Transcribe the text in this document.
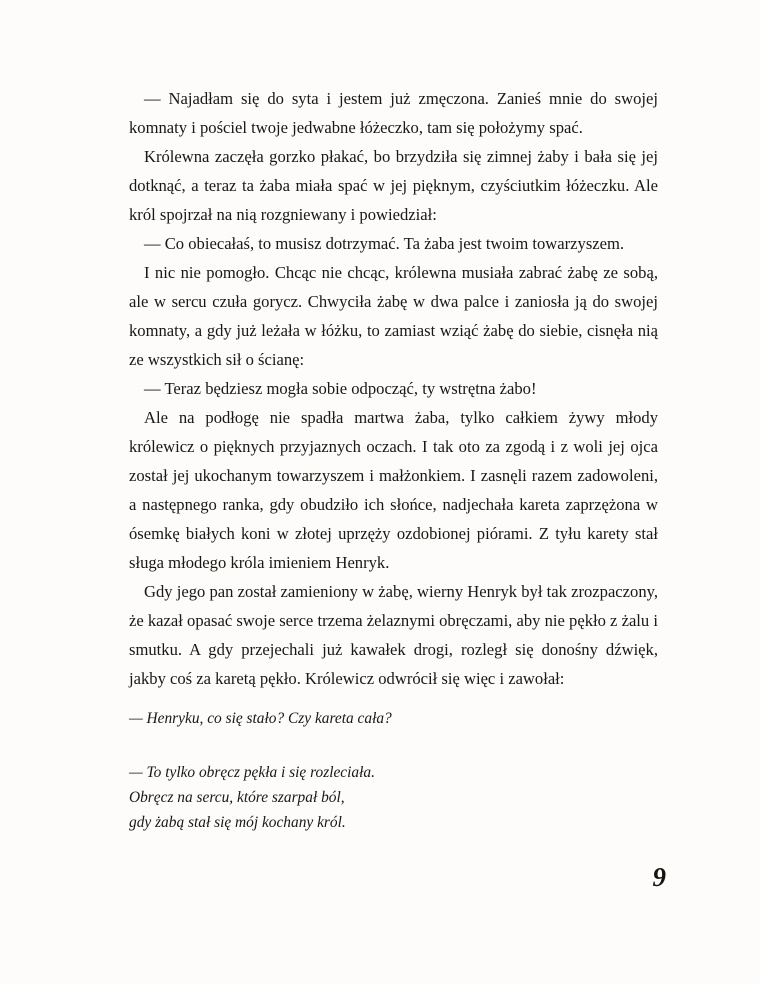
— Najadłam się do syta i jestem już zmęczona. Zanieś mnie do swojej komnaty i pościel twoje jedwabne łóżeczko, tam się położymy spać.

Królewna zaczęła gorzko płakać, bo brzydziła się zimnej żaby i bała się jej dotknąć, a teraz ta żaba miała spać w jej pięknym, czyściutkim łóżeczku. Ale król spojrzał na nią rozgniewany i powiedział:

— Co obiecałaś, to musisz dotrzymać. Ta żaba jest twoim towarzyszem.

I nic nie pomogło. Chcąc nie chcąc, królewna musiała zabrać żabę ze sobą, ale w sercu czuła gorycz. Chwyciła żabę w dwa palce i zaniosła ją do swojej komnaty, a gdy już leżała w łóżku, to zamiast wziąć żabę do siebie, cisnęła nią ze wszystkich sił o ścianę:

— Teraz będziesz mogła sobie odpocząć, ty wstrętna żabo!

Ale na podłogę nie spadła martwa żaba, tylko całkiem żywy młody królewicz o pięknych przyjaznych oczach. I tak oto za zgodą i z woli jej ojca został jej ukochanym towarzyszem i małżonkiem. I zasnęli razem zadowoleni, a następnego ranka, gdy obudziło ich słońce, nadjechała kareta zaprzężona w ósemkę białych koni w złotej uprzęży ozdobionej piórami. Z tyłu karety stał sługa młodego króla imieniem Henryk.

Gdy jego pan został zamieniony w żabę, wierny Henryk był tak zrozpaczony, że kazał opasać swoje serce trzema żelaznymi obręczami, aby nie pękło z żalu i smutku. A gdy przejechali już kawałek drogi, rozległ się donośny dźwięk, jakby coś za karetą pękło. Królewicz odwrócił się więc i zawołał:

— Henryku, co się stało? Czy kareta cała?

— To tylko obręcz pękła i się rozleciała.

Obręcz na sercu, które szarpał ból,

gdy żabą stał się mój kochany król.

9
